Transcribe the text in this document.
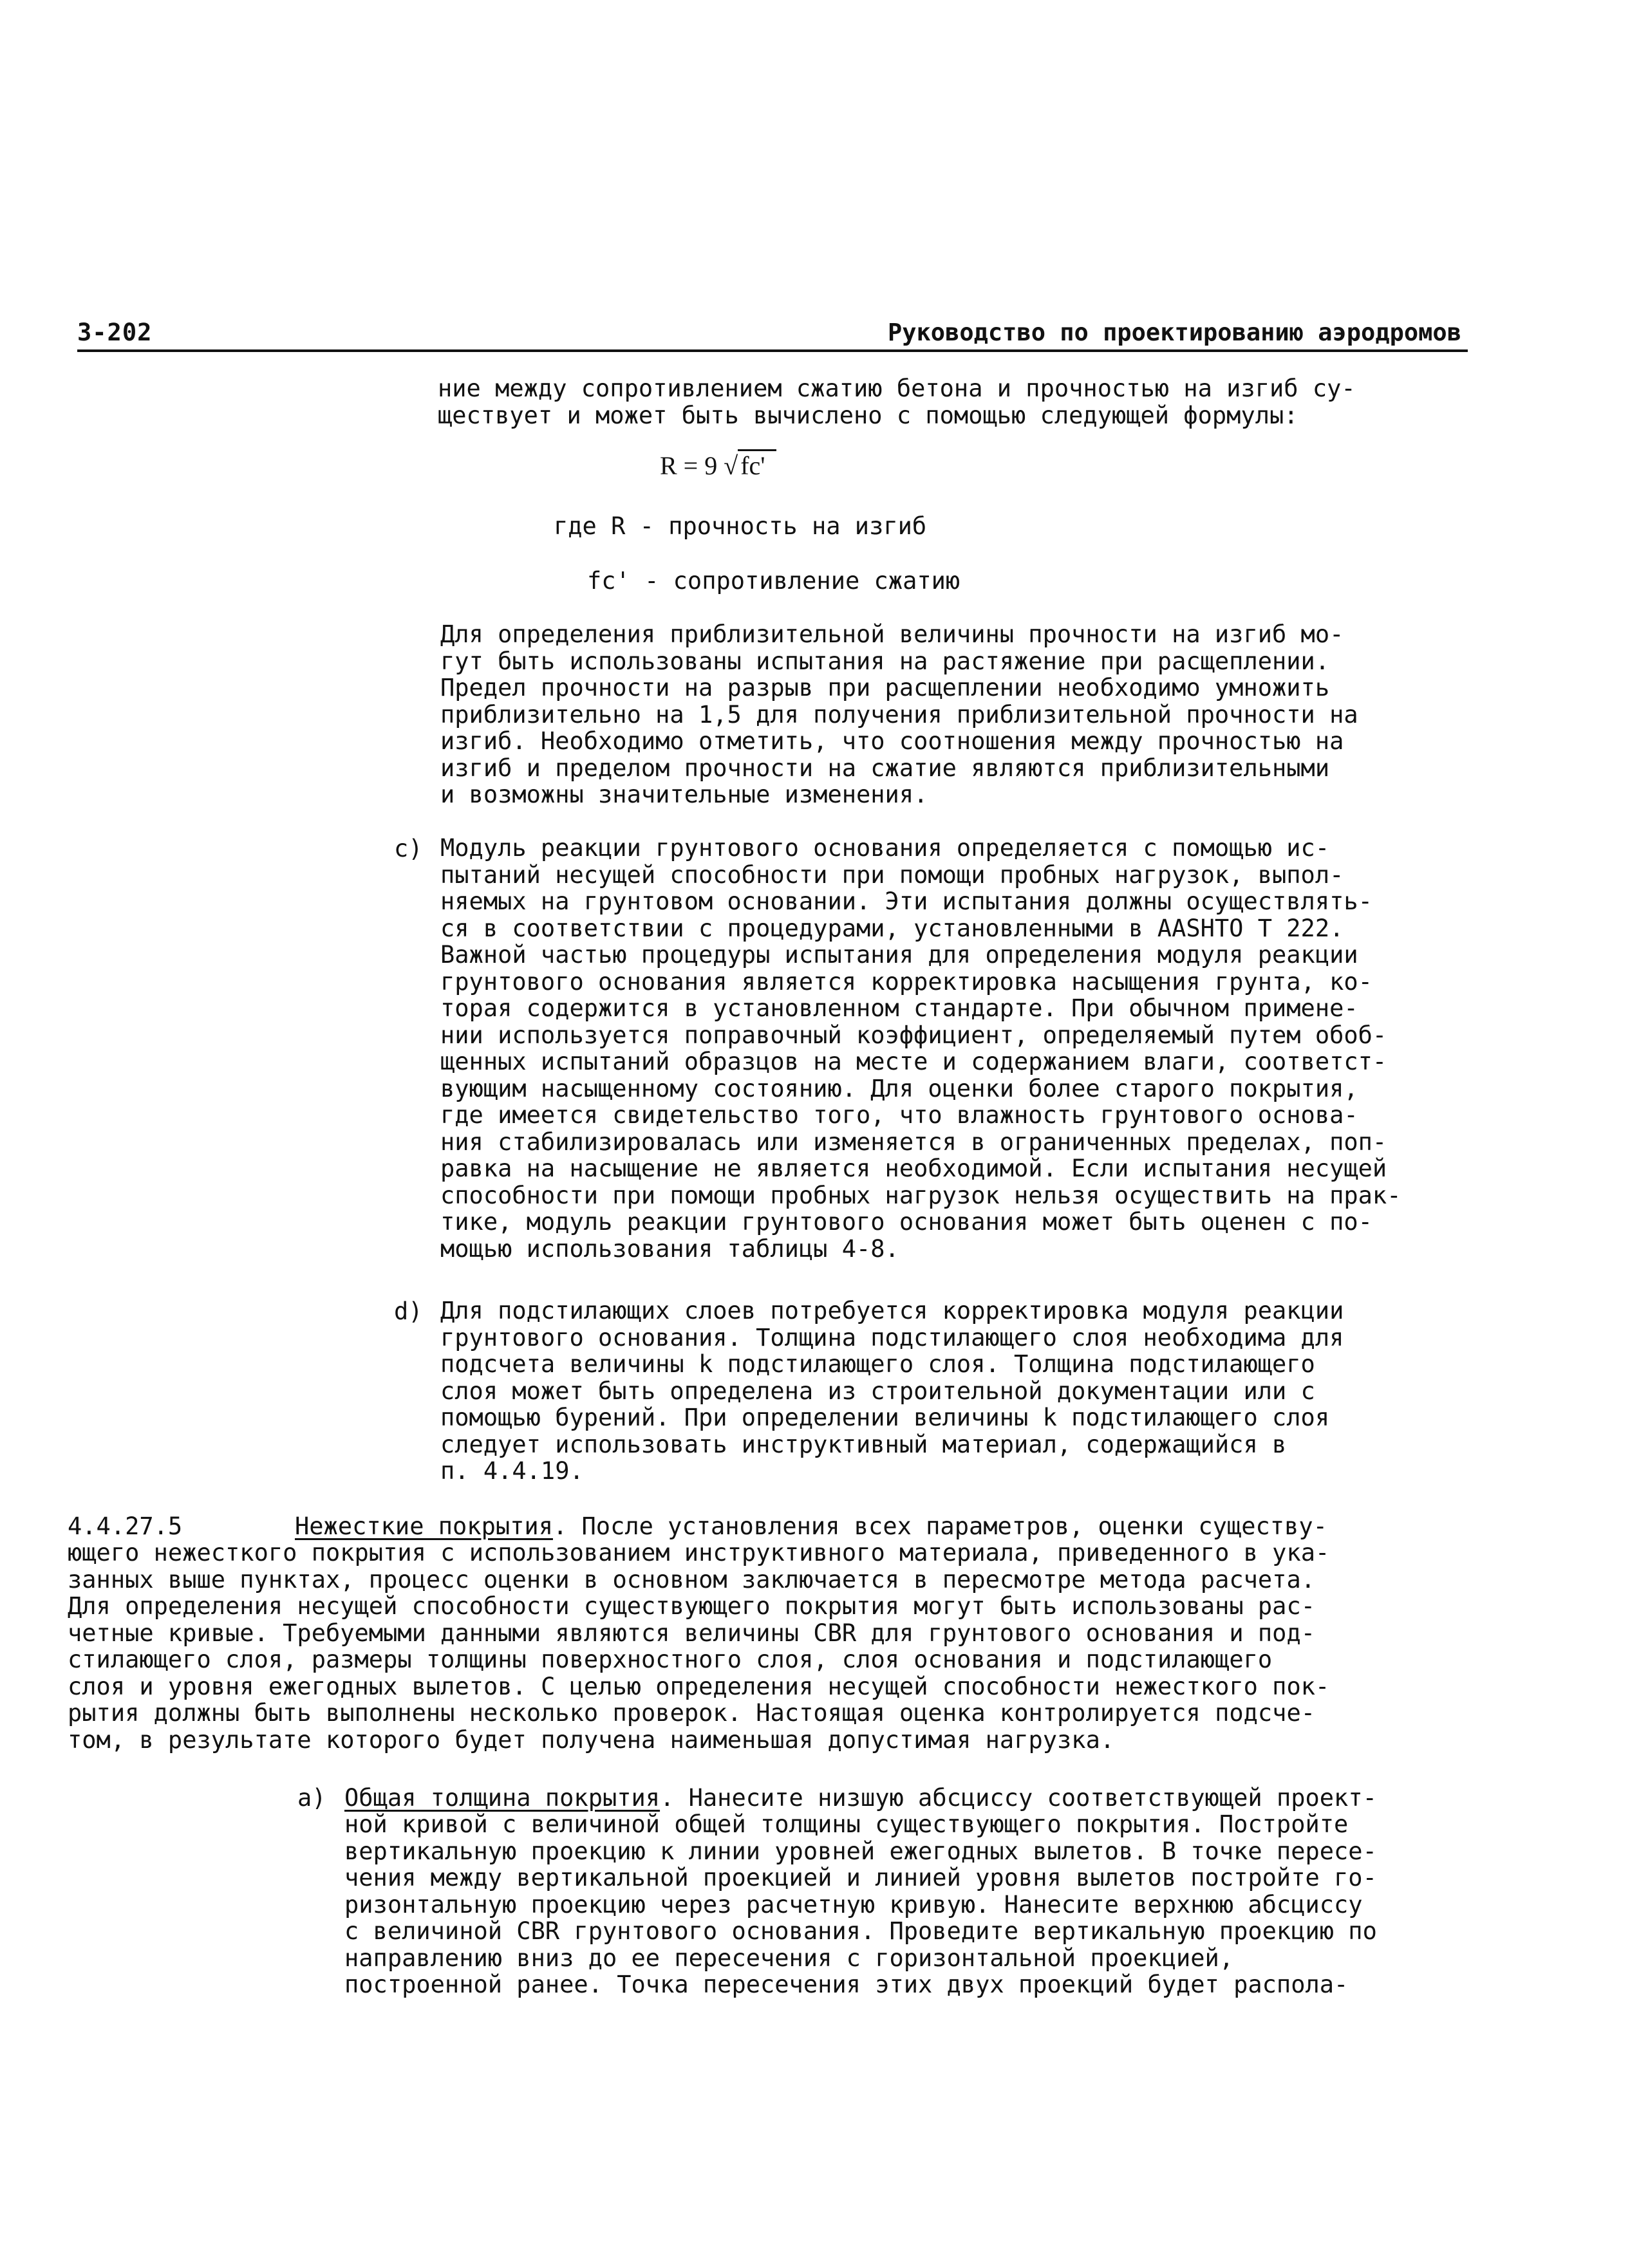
3-202	Руководство по проектированию аэродромов
ние между сопротивлением сжатию бетона и прочностью на изгиб су-
ществует и может быть вычислено с помощью следующей формулы:
R = 9 √ fc'
где R - прочность на изгиб
fc' - сопротивление сжатию
Для определения приблизительной величины прочности на изгиб мо-
гут быть использованы испытания на растяжение при расщеплении.
Предел прочности на разрыв при расщеплении необходимо умножить
приблизительно на 1,5 для получения приблизительной прочности на
изгиб. Необходимо отметить, что соотношения между прочностью на
изгиб и пределом прочности на сжатие являются приблизительными
и возможны значительные изменения.
c) Модуль реакции грунтового основания определяется с помощью ис-
пытаний несущей способности при помощи пробных нагрузок, выпол-
няемых на грунтовом основании. Эти испытания должны осуществлять-
ся в соответствии с процедурами, установленными в AASHTO T 222.
Важной частью процедуры испытания для определения модуля реакции
грунтового основания является корректировка насыщения грунта, ко-
торая содержится в установленном стандарте. При обычном примене-
нии используется поправочный коэффициент, определяемый путем обоб-
щенных испытаний образцов на месте и содержанием влаги, соответст-
вующим насыщенному состоянию. Для оценки более старого покрытия,
где имеется свидетельство того, что влажность грунтового основа-
ния стабилизировалась или изменяется в ограниченных пределах, поп-
равка на насыщение не является необходимой. Если испытания несущей
способности при помощи пробных нагрузок нельзя осуществить на прак-
тике, модуль реакции грунтового основания может быть оценен с по-
мощью использования таблицы 4-8.
d) Для подстилающих слоев потребуется корректировка модуля реакции
грунтового основания. Толщина подстилающего слоя необходима для
подсчета величины k подстилающего слоя. Толщина подстилающего
слоя может быть определена из строительной документации или с
помощью бурений. При определении величины k подстилающего слоя
следует использовать инструктивный материал, содержащийся в
п. 4.4.19.
4.4.27.5	Нежесткие покрытия. После установления всех параметров, оценки существу-
ющего нежесткого покрытия с использованием инструктивного материала, приведенного в ука-
занных выше пунктах, процесс оценки в основном заключается в пересмотре метода расчета.
Для определения несущей способности существующего покрытия могут быть использованы рас-
четные кривые. Требуемыми данными являются величины CBR для грунтового основания и под-
стилающего слоя, размеры толщины поверхностного слоя, слоя основания и подстилающего
слоя и уровня ежегодных вылетов. С целью определения несущей способности нежесткого пок-
рытия должны быть выполнены несколько проверок. Настоящая оценка контролируется подсче-
том, в результате которого будет получена наименьшая допустимая нагрузка.
a) Общая толщина покрытия. Нанесите низшую абсциссу соответствующей проект-
ной кривой с величиной общей толщины существующего покрытия. Постройте
вертикальную проекцию к линии уровней ежегодных вылетов. В точке пересе-
чения между вертикальной проекцией и линией уровня вылетов постройте го-
ризонтальную проекцию через расчетную кривую. Нанесите верхнюю абсциссу
с величиной CBR грунтового основания. Проведите вертикальную проекцию по
направлению вниз до ее пересечения с горизонтальной проекцией,
построенной ранее. Точка пересечения этих двух проекций будет распола-
